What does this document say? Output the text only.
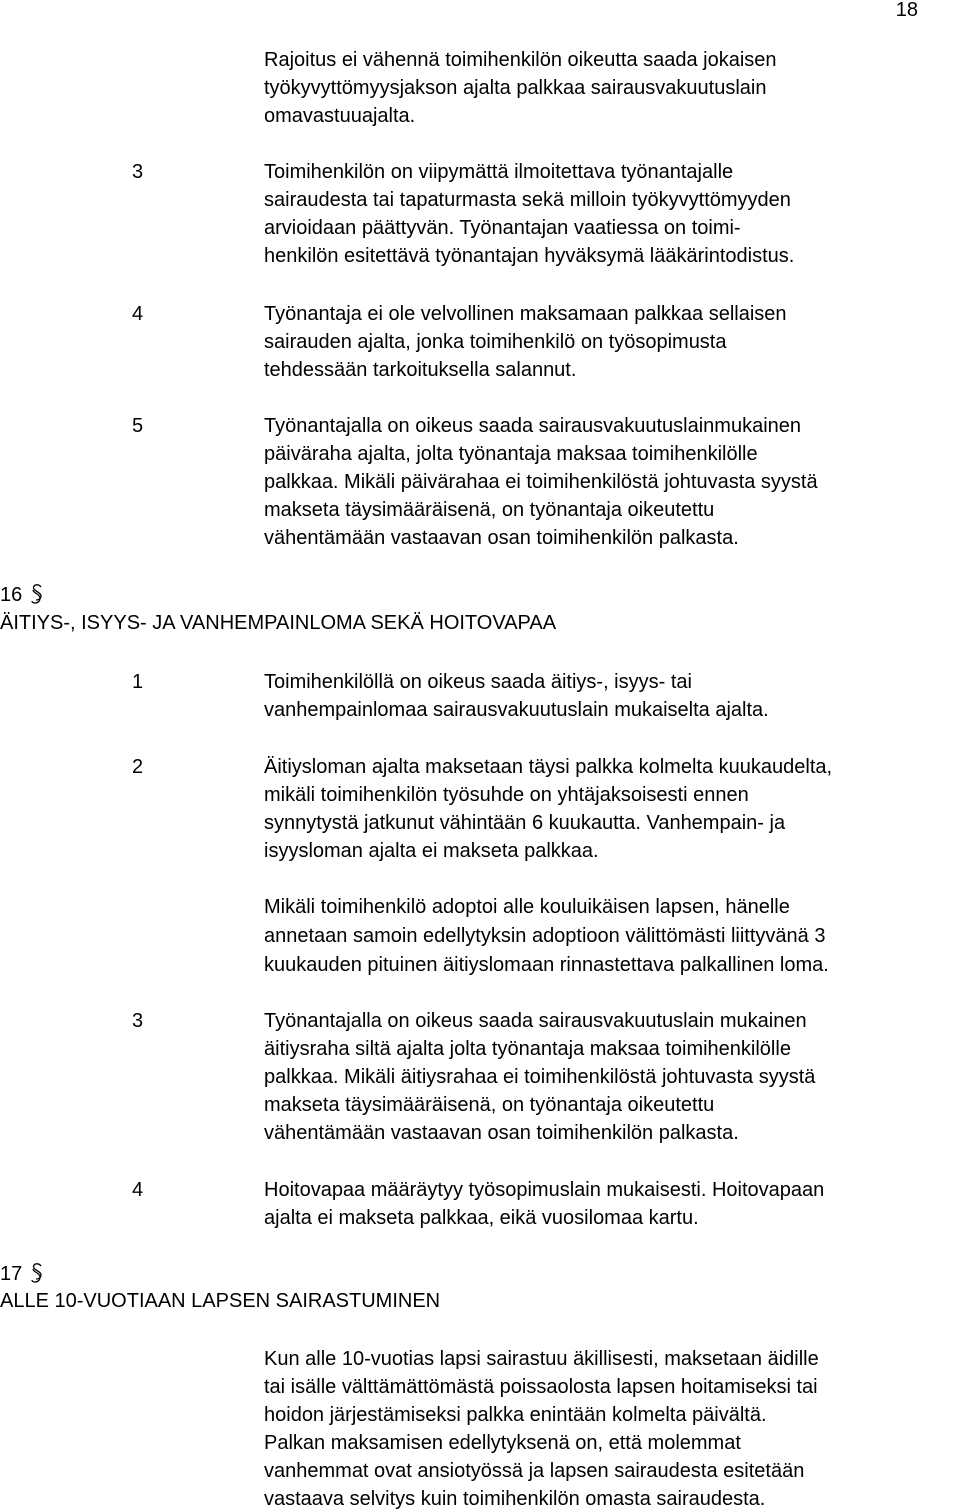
18
Rajoitus ei vähennä toimihenkilön oikeutta saada jokaisen
työkyvyttömyysjakson ajalta palkkaa sairausvakuutuslain
omavastuuajalta.
3	Toimihenkilön on viipymättä ilmoitettava työnantajalle
sairaudesta tai tapaturmasta sekä milloin työkyvyttömyyden
arvioidaan päättyvän. Työnantajan vaatiessa on toimi-
henkilön esitettävä työnantajan hyväksymä lääkärintodistus.
4	Työnantaja ei ole velvollinen maksamaan palkkaa sellaisen
sairauden ajalta, jonka toimihenkilö on työsopimusta
tehdessään tarkoituksella salannut.
5	Työnantajalla on oikeus saada sairausvakuutuslainmukainen
päiväraha ajalta, jolta työnantaja maksaa toimihenkilölle
palkkaa. Mikäli päivärahaa ei toimihenkilöstä johtuvasta syystä
makseta täysimääräisenä, on työnantaja oikeutettu
vähentämään vastaavan osan toimihenkilön palkasta.
16
ÄITIYS-, ISYYS- JA VANHEMPAINLOMA SEKÄ HOITOVAPAA
1	Toimihenkilöllä on oikeus saada äitiys-, isyys- tai
vanhempainlomaa sairausvakuutuslain mukaiselta ajalta.
2	Äitiysloman ajalta maksetaan täysi palkka kolmelta kuukaudelta,
mikäli toimihenkilön työsuhde on yhtäjaksoisesti ennen
synnytystä jatkunut vähintään 6 kuukautta. Vanhempain- ja
isyysloman ajalta ei makseta palkkaa.
Mikäli toimihenkilö adoptoi alle kouluikäisen lapsen, hänelle
annetaan samoin edellytyksin adoptioon välittömästi liittyvänä 3
kuukauden pituinen äitiyslomaan rinnastettava palkallinen loma.
3	Työnantajalla on oikeus saada sairausvakuutuslain mukainen
äitiysraha siltä ajalta jolta työnantaja maksaa toimihenkilölle
palkkaa. Mikäli äitiysrahaa ei toimihenkilöstä johtuvasta syystä
makseta täysimääräisenä, on työnantaja oikeutettu
vähentämään vastaavan osan toimihenkilön palkasta.
4	Hoitovapaa määräytyy työsopimuslain mukaisesti. Hoitovapaan
ajalta ei makseta palkkaa, eikä vuosilomaa kartu.
17
ALLE 10-VUOTIAAN LAPSEN SAIRASTUMINEN
Kun alle 10-vuotias lapsi sairastuu äkillisesti, maksetaan äidille
tai isälle välttämättömästä poissaolosta lapsen hoitamiseksi tai
hoidon järjestämiseksi palkka enintään kolmelta päivältä.
Palkan maksamisen edellytyksenä on, että molemmat
vanhemmat ovat ansiotyössä ja lapsen sairaudesta esitetään
vastaava selvitys kuin toimihenkilön omasta sairaudesta.
